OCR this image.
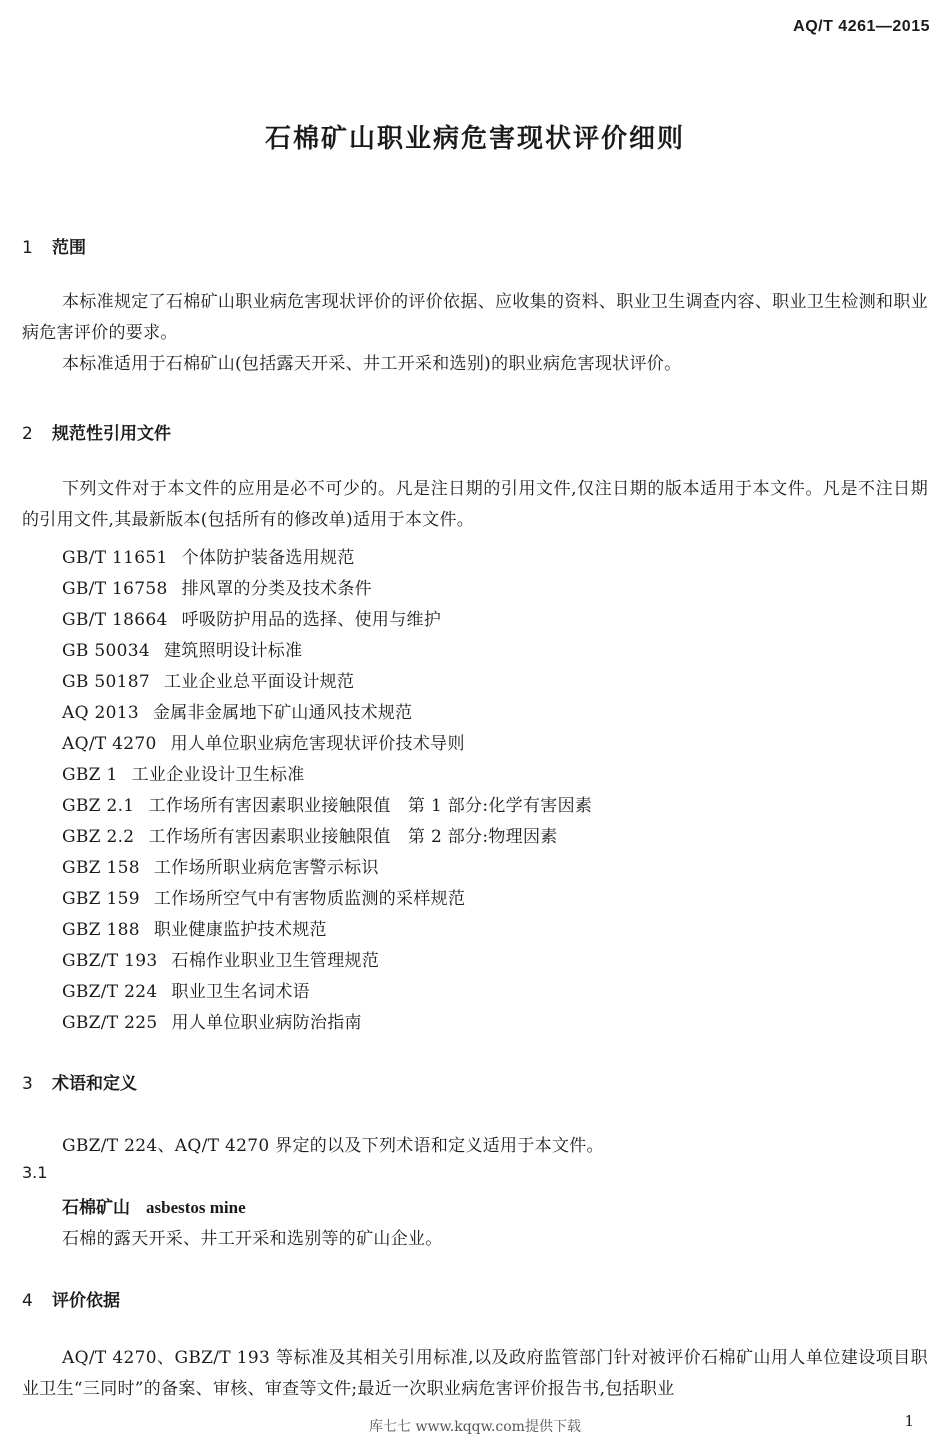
AQ/T 4261—2015
石棉矿山职业病危害现状评价细则
1 范围
本标准规定了石棉矿山职业病危害现状评价的评价依据、应收集的资料、职业卫生调查内容、职业卫生检测和职业病危害评价的要求。
本标准适用于石棉矿山(包括露天开采、井工开采和选别)的职业病危害现状评价。
2 规范性引用文件
下列文件对于本文件的应用是必不可少的。凡是注日期的引用文件,仅注日期的版本适用于本文件。凡是不注日期的引用文件,其最新版本(包括所有的修改单)适用于本文件。
GB/T 11651 个体防护装备选用规范
GB/T 16758 排风罩的分类及技术条件
GB/T 18664 呼吸防护用品的选择、使用与维护
GB 50034 建筑照明设计标准
GB 50187 工业企业总平面设计规范
AQ 2013 金属非金属地下矿山通风技术规范
AQ/T 4270 用人单位职业病危害现状评价技术导则
GBZ 1 工业企业设计卫生标准
GBZ 2.1 工作场所有害因素职业接触限值　第 1 部分:化学有害因素
GBZ 2.2 工作场所有害因素职业接触限值　第 2 部分:物理因素
GBZ 158 工作场所职业病危害警示标识
GBZ 159 工作场所空气中有害物质监测的采样规范
GBZ 188 职业健康监护技术规范
GBZ/T 193 石棉作业职业卫生管理规范
GBZ/T 224 职业卫生名词术语
GBZ/T 225 用人单位职业病防治指南
3 术语和定义
GBZ/T 224、AQ/T 4270 界定的以及下列术语和定义适用于本文件。
3.1
石棉矿山 asbestos mine
石棉的露天开采、井工开采和选别等的矿山企业。
4 评价依据
AQ/T 4270、GBZ/T 193 等标准及其相关引用标准,以及政府监管部门针对被评价石棉矿山用人单位建设项目职业卫生“三同时”的备案、审核、审查等文件;最近一次职业病危害评价报告书,包括职业
库七七 www.kqqw.com提供下载	1
